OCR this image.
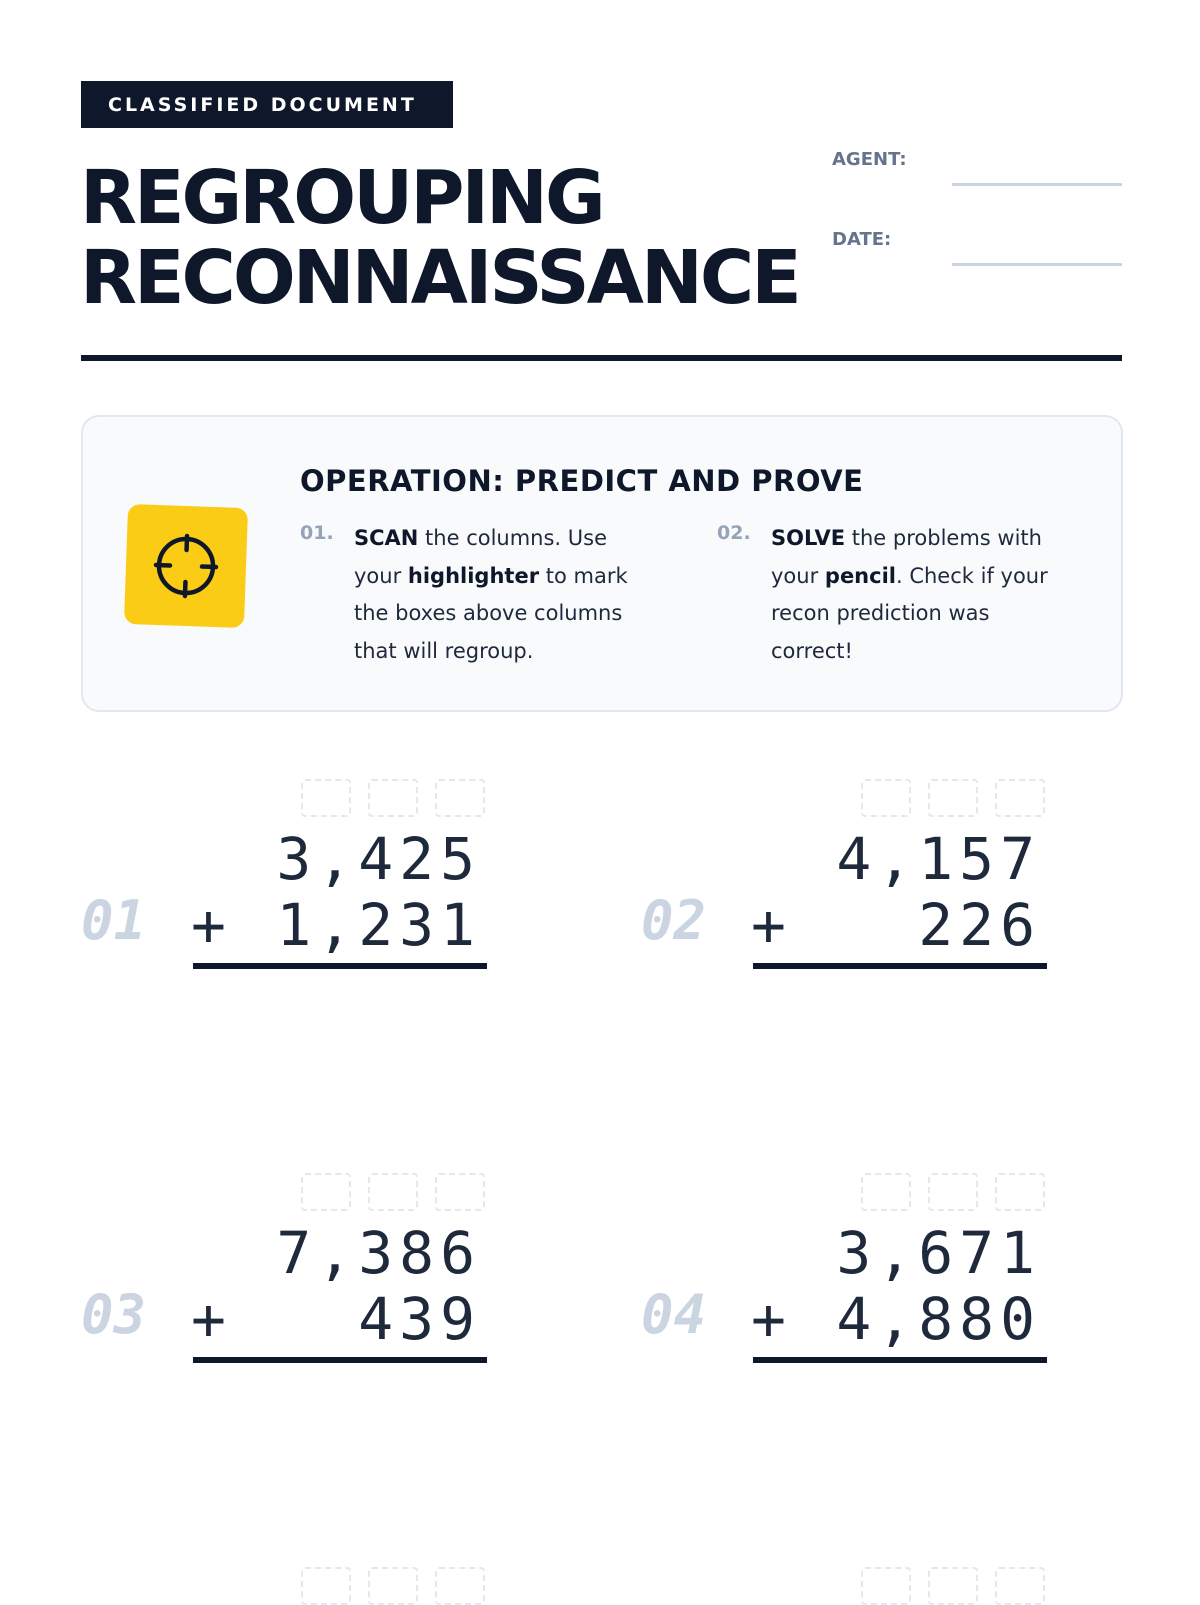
CLASSIFIED DOCUMENT
REGROUPING
RECONNAISSANCE
AGENT:
DATE:
OPERATION: PREDICT AND PROVE
01. SCAN the columns. Use your highlighter to mark the boxes above columns that will regroup.
02. SOLVE the problems with your pencil. Check if your recon prediction was correct!
01
3,425
+ 1,231	02
4,157
+ 226
03
7,386
+ 439	04
3,671
+ 4,880
